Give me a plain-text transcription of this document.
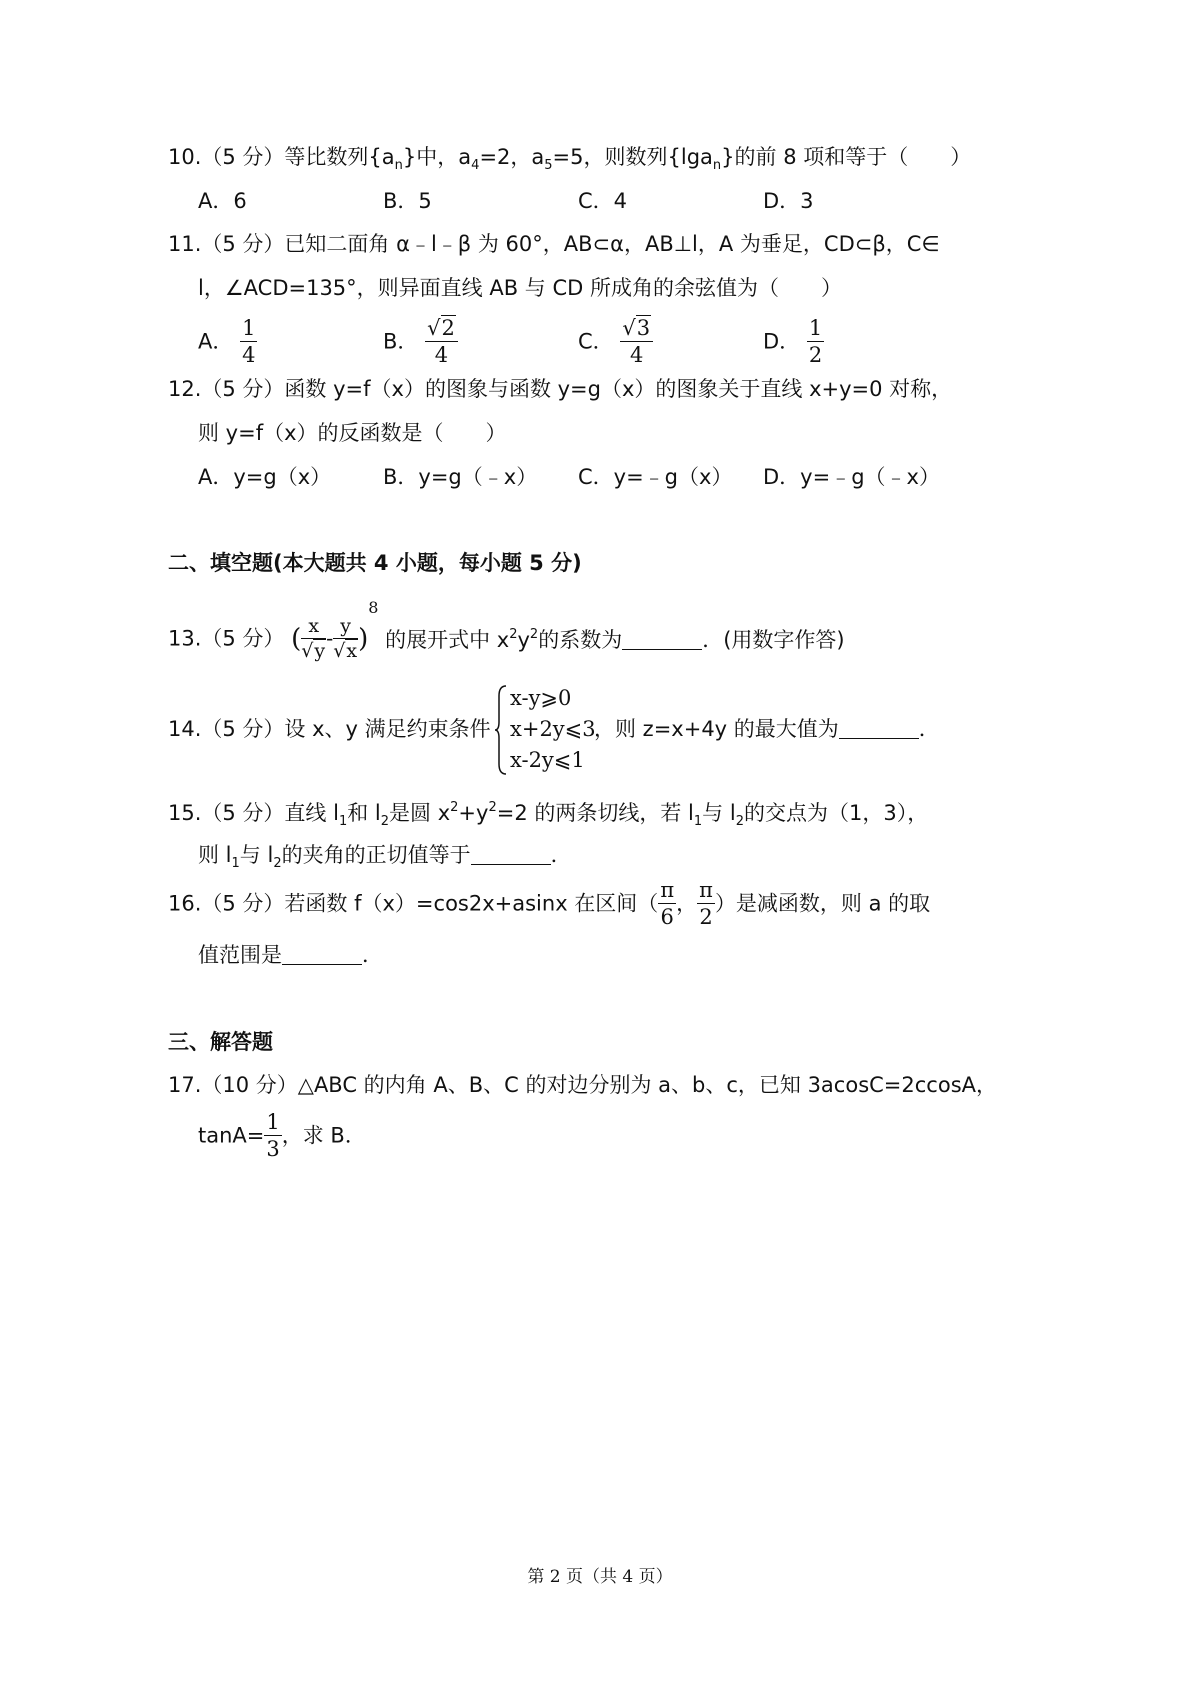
10.（5 分）等比数列$\{a_n\}$中，$a_4=2$，$a_5=5$，则数列{lga$_n$}的前 8 项和等于（　　）
A．6	B．5	C．4	D．3
11.（5 分）已知二面角 α﹣l﹣β 为 60°，AB⊂α，AB⊥l，A 为垂足，CD⊂β，C∈
l，∠ACD=135°，则异面直线 AB 与 CD 所成角的余弦值为（　　）
A． $\frac{1}{4}$	B． $\frac{√2}{4}$	C． $\frac{√3}{4}$	D． $\frac{1}{2}$
12.（5 分）函数 y=f（x）的图象与函数 y=g（x）的图象关于直线 x+y=0 对称，
则 y=f（x）的反函数是（　　）
A．y=g（x） B．y=g（﹣x） C．y=﹣g（x） D．y=﹣g（﹣x）
二、填空题(本大题共 4 小题，每小题 5 分)
13.（5 分） ( $\frac{x}{√y} - \frac{y}{√x} )^8$ 的展开式中 $x^2y^2$的系数为	．(用数字作答)
14.（5 分）设 x、y 满足约束条件
x-y⩾0
x+2y⩽3
x-2y⩽1
，则 z=x+4y 的最大值为	．
15.（5 分）直线 $l_1$和 $l_2$是圆 $x^2+y^2=2$ 的两条切线，若 $l_1$与 $l_2$的交点为（1，3），
则 $l_1$与 $l_2$的夹角的正切值等于	．
16.（5 分）若函数 f（x）=cos2x+asinx 在区间（ $\frac{\pi}{6}$ ， $\frac{\pi}{2}$ ）是减函数，则 a 的取
值范围是	．
三、解答题
17.（10 分）△ABC 的内角 A、B、C 的对边分别为 a、b、c，已知 3acosC=2ccosA，
$\tan A= \frac{1}{3}$ ，求 B．
第 2 页（共 4 页）
